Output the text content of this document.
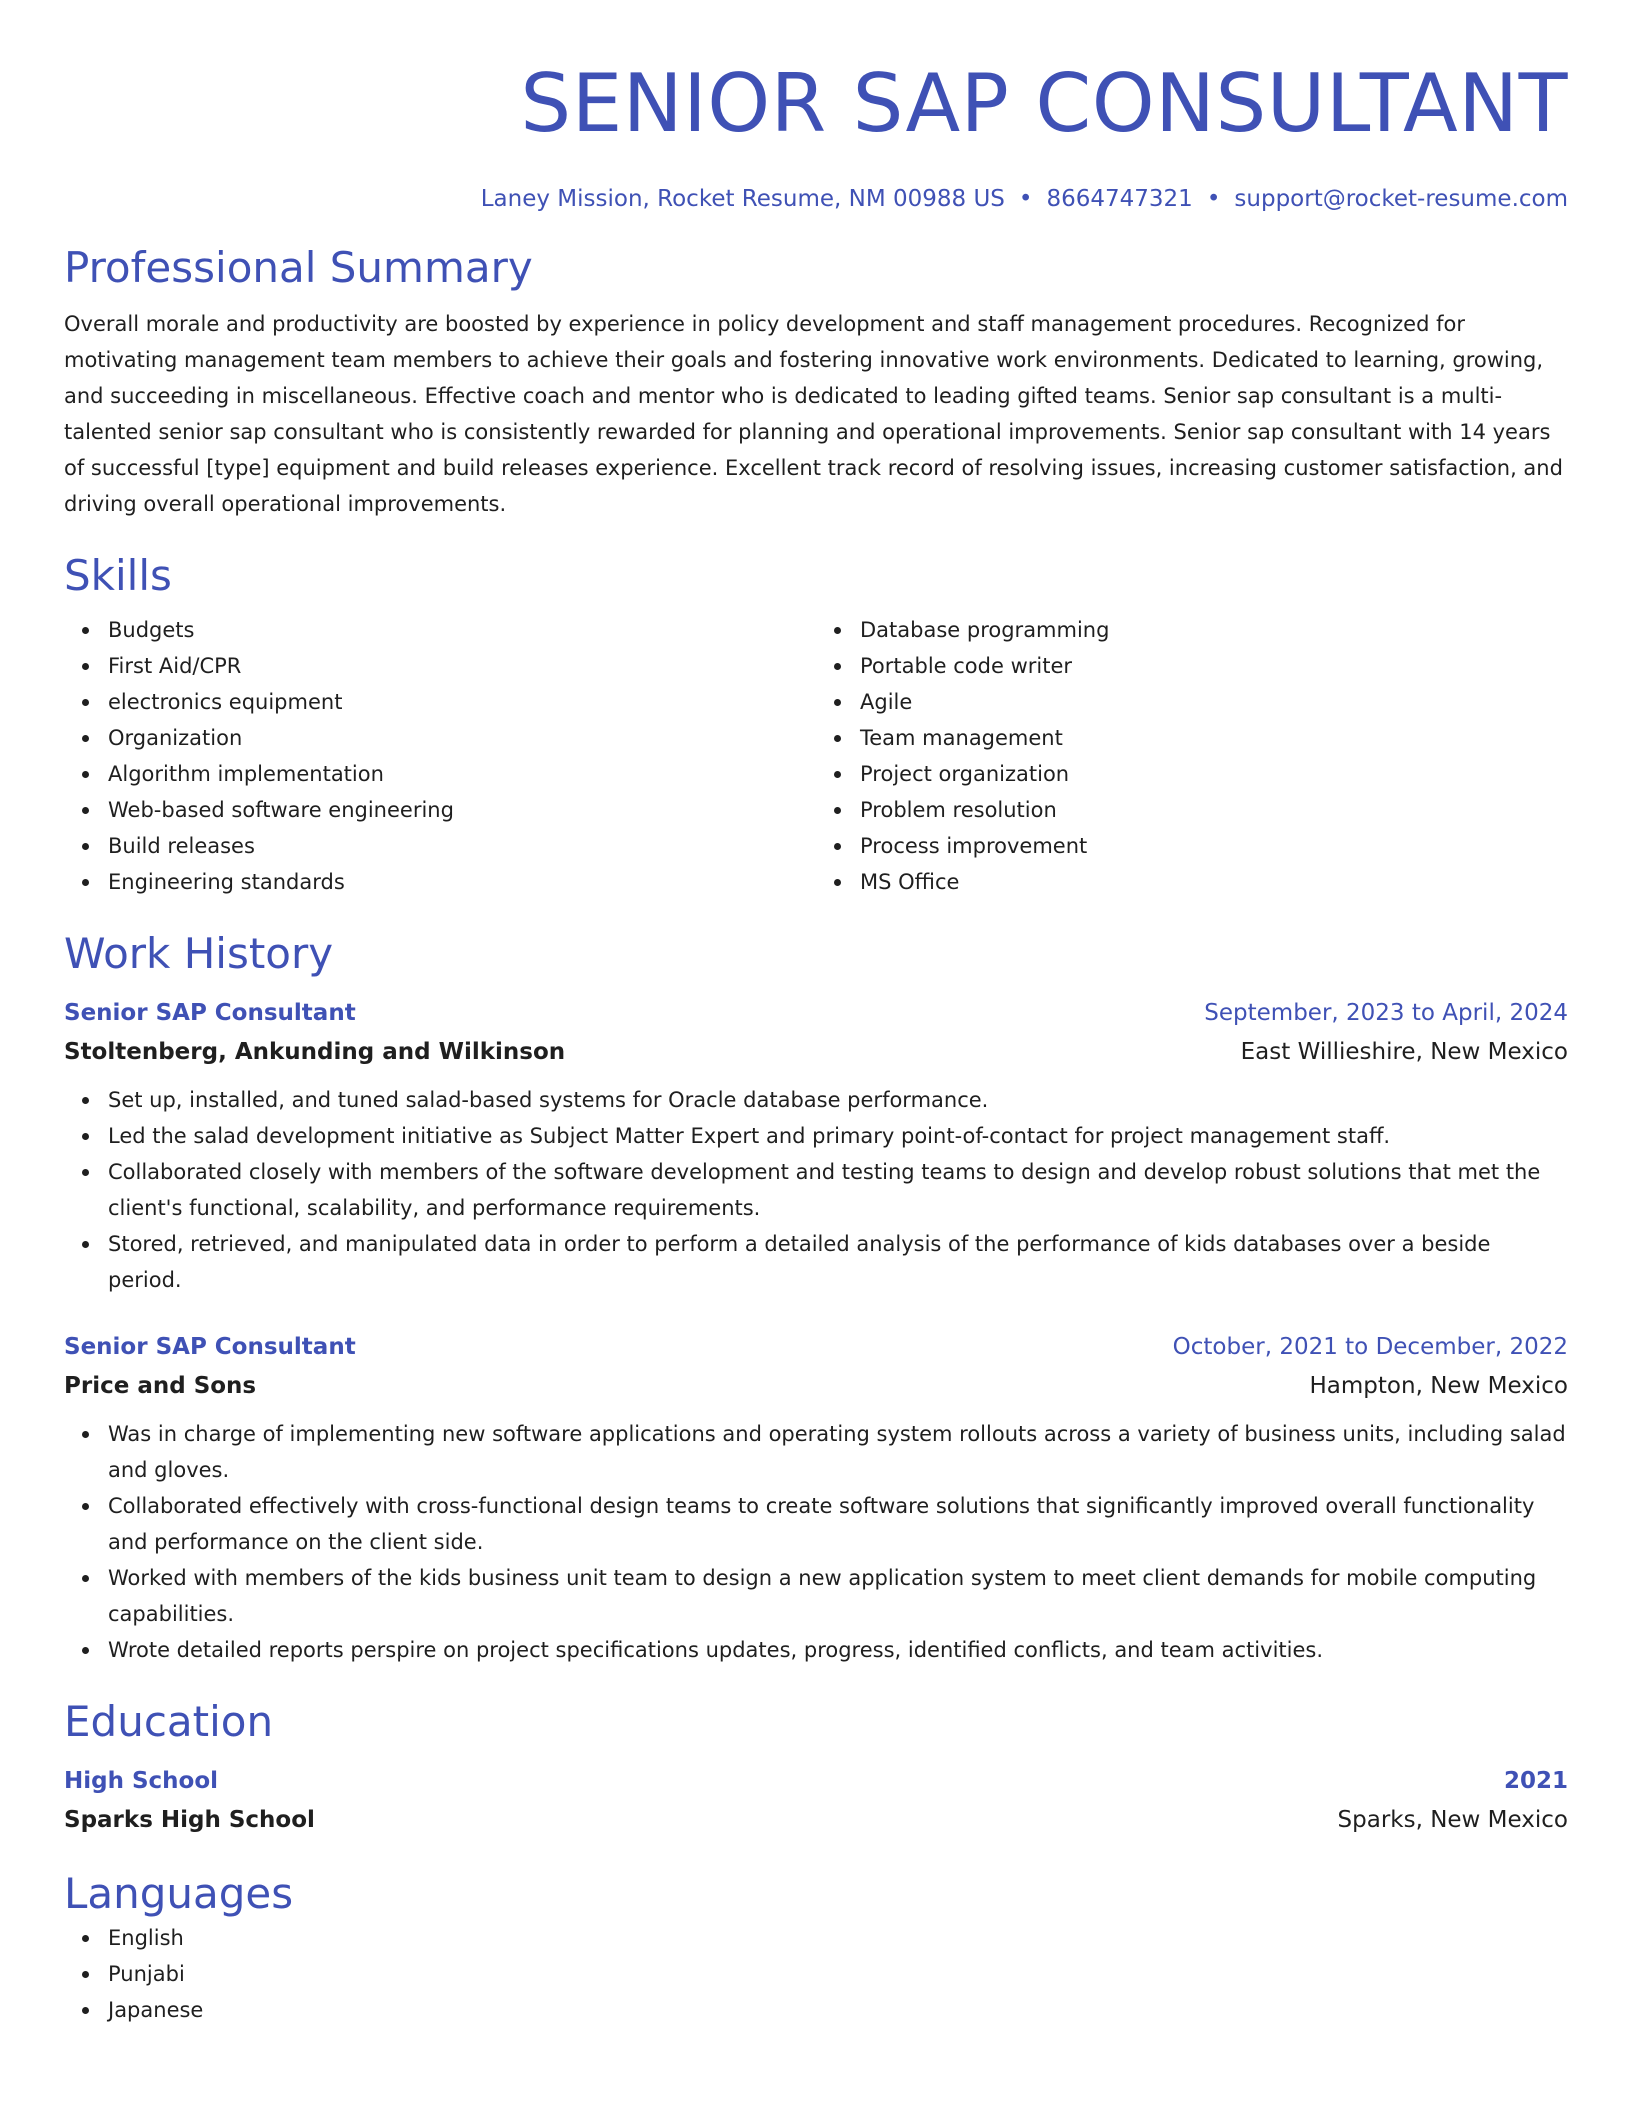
SENIOR SAP CONSULTANT
Laney Mission, Rocket Resume, NM 00988 US • 8664747321 • support@rocket-resume.com
Professional Summary
Overall morale and productivity are boosted by experience in policy development and staff management procedures. Recognized for motivating management team members to achieve their goals and fostering innovative work environments. Dedicated to learning, growing, and succeeding in miscellaneous. Effective coach and mentor who is dedicated to leading gifted teams. Senior sap consultant is a multi-talented senior sap consultant who is consistently rewarded for planning and operational improvements. Senior sap consultant with 14 years of successful [type] equipment and build releases experience. Excellent track record of resolving issues, increasing customer satisfaction, and driving overall operational improvements.
Skills
Budgets
First Aid/CPR
electronics equipment
Organization
Algorithm implementation
Web-based software engineering
Build releases
Engineering standards
Database programming
Portable code writer
Agile
Team management
Project organization
Problem resolution
Process improvement
MS Office
Work History
Senior SAP Consultant	September, 2023 to April, 2024
Stoltenberg, Ankunding and Wilkinson	East Willieshire, New Mexico
Set up, installed, and tuned salad-based systems for Oracle database performance.
Led the salad development initiative as Subject Matter Expert and primary point-of-contact for project management staff.
Collaborated closely with members of the software development and testing teams to design and develop robust solutions that met the client's functional, scalability, and performance requirements.
Stored, retrieved, and manipulated data in order to perform a detailed analysis of the performance of kids databases over a beside period.
Senior SAP Consultant	October, 2021 to December, 2022
Price and Sons	Hampton, New Mexico
Was in charge of implementing new software applications and operating system rollouts across a variety of business units, including salad and gloves.
Collaborated effectively with cross-functional design teams to create software solutions that significantly improved overall functionality and performance on the client side.
Worked with members of the kids business unit team to design a new application system to meet client demands for mobile computing capabilities.
Wrote detailed reports perspire on project specifications updates, progress, identified conflicts, and team activities.
Education
High School	2021
Sparks High School	Sparks, New Mexico
Languages
English
Punjabi
Japanese
